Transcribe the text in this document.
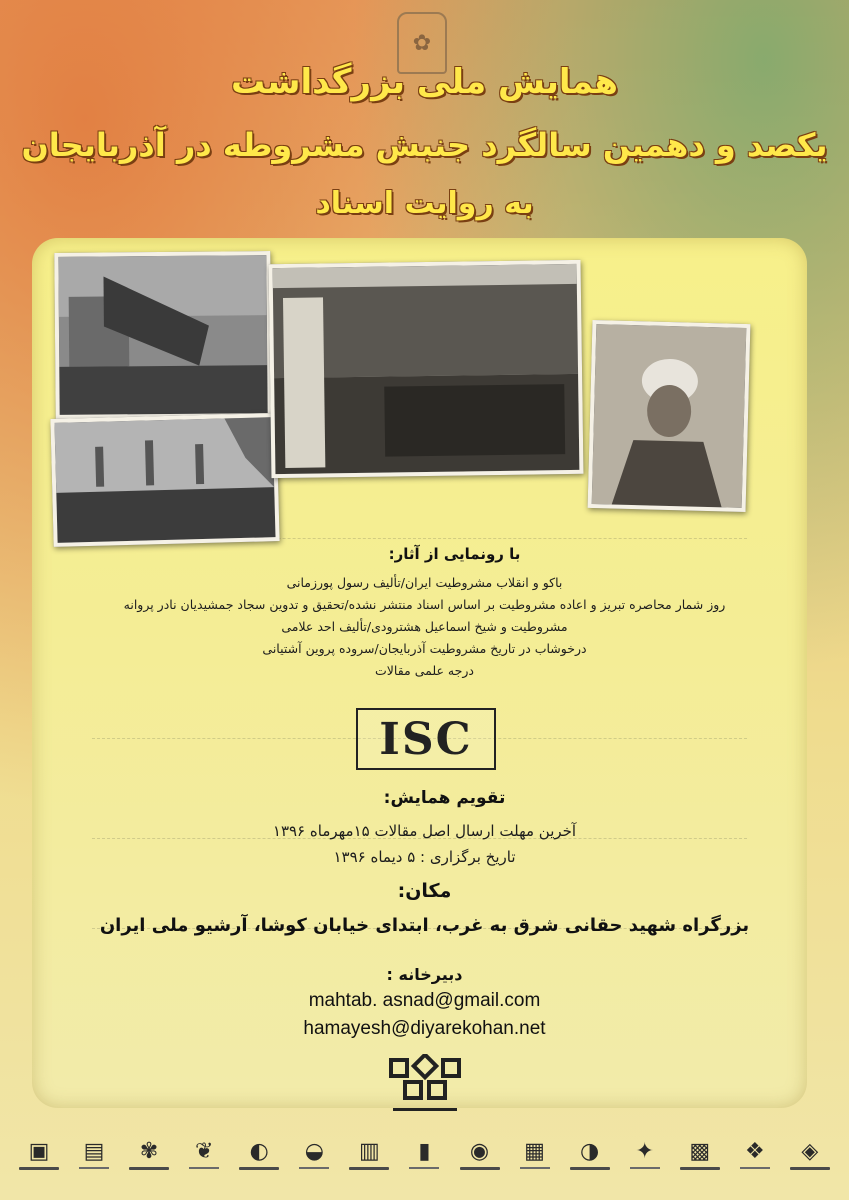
✿
همایش ملی بزرگداشت
یکصد و دهمین سالگرد جنبش مشروطه در آذربایجان
به روایت اسناد
با رونمایی از آثار:
باکو و انقلاب مشروطیت ایران/تألیف رسول پورزمانی
روز شمار محاصره تبریز و اعاده مشروطیت بر اساس اسناد منتشر نشده/تحقیق و تدوین سجاد جمشیدیان نادر پروانه
مشروطیت و شیخ اسماعیل هشترودی/تألیف احد علامی
درخوشاب در تاریخ مشروطیت آذربایجان/سروده پروین آشتیانی
درجه علمی مقالات
ISC
تقویم همایش:
آخرین مهلت ارسال اصل مقالات ۱۵مهرماه ۱۳۹۶
تاریخ برگزاری : ۵ دیماه ۱۳۹۶
مکان:
بزرگراه شهید حقانی شرق به غرب، ابتدای خیابان کوشا، آرشیو ملی ایران
دبیرخانه :
mahtab. asnad@gmail.com
hamayesh@diyarekohan.net
▣ ▤ ✾ ❦ ◐ ◒ ▥ ▮ ◉ ▦ ◑ ✦ ▩ ❖ ◈
